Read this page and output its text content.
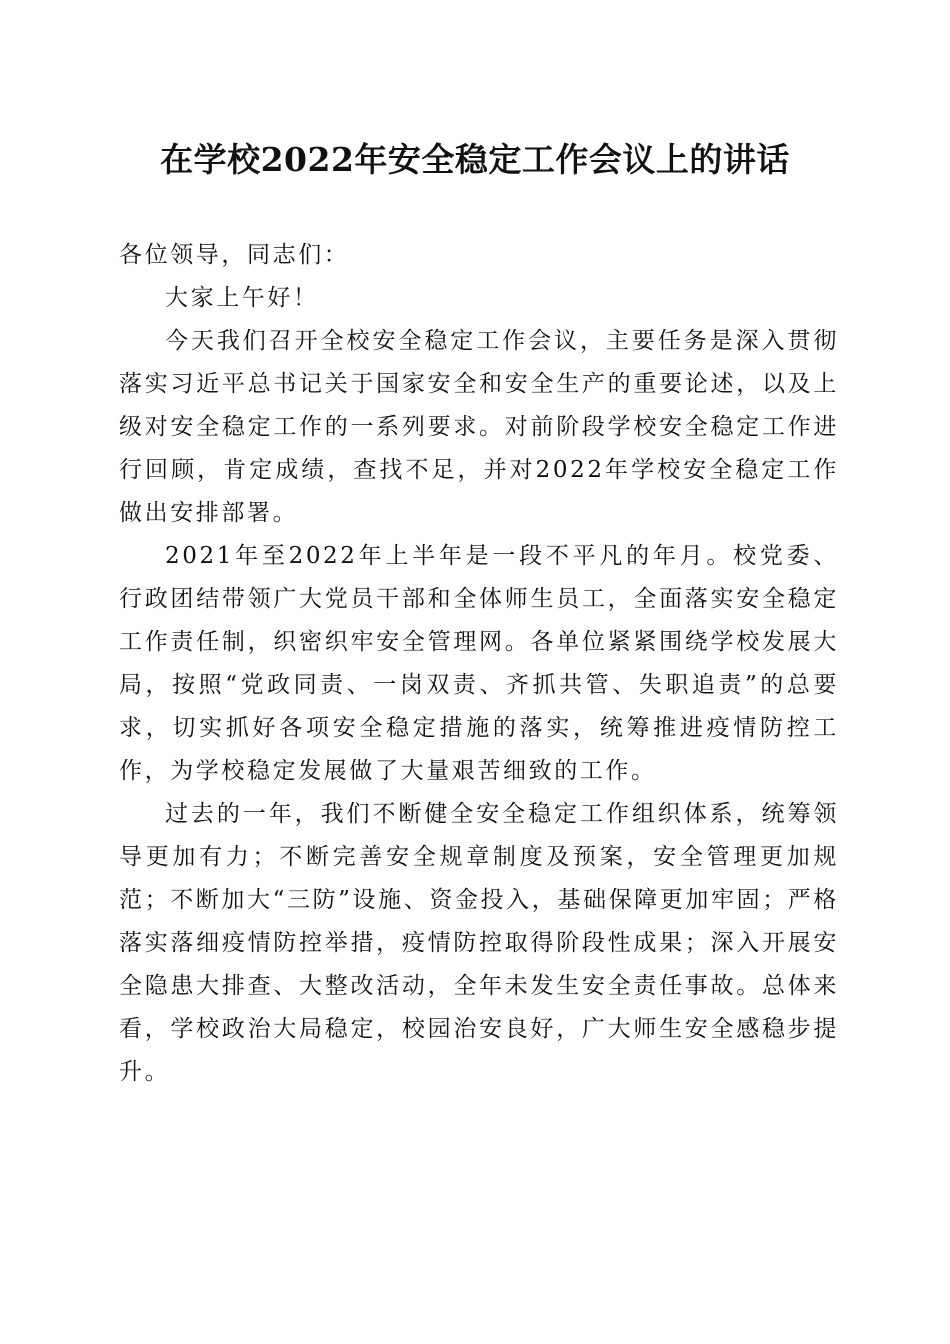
在学校2022年安全稳定工作会议上的讲话

各位领导，同志们：

大家上午好！

今天我们召开全校安全稳定工作会议，主要任务是深入贯彻落实习近平总书记关于国家安全和安全生产的重要论述，以及上级对安全稳定工作的一系列要求。对前阶段学校安全稳定工作进行回顾，肯定成绩，查找不足，并对2022年学校安全稳定工作做出安排部署。

2021年至2022年上半年是一段不平凡的年月。校党委、行政团结带领广大党员干部和全体师生员工，全面落实安全稳定工作责任制，织密织牢安全管理网。各单位紧紧围绕学校发展大局，按照“党政同责、一岗双责、齐抓共管、失职追责”的总要求，切实抓好各项安全稳定措施的落实，统筹推进疫情防控工作，为学校稳定发展做了大量艰苦细致的工作。

过去的一年，我们不断健全安全稳定工作组织体系，统筹领导更加有力；不断完善安全规章制度及预案，安全管理更加规范；不断加大“三防”设施、资金投入，基础保障更加牢固；严格落实落细疫情防控举措，疫情防控取得阶段性成果；深入开展安全隐患大排查、大整改活动，全年未发生安全责任事故。总体来看，学校政治大局稳定，校园治安良好，广大师生安全感稳步提升。
